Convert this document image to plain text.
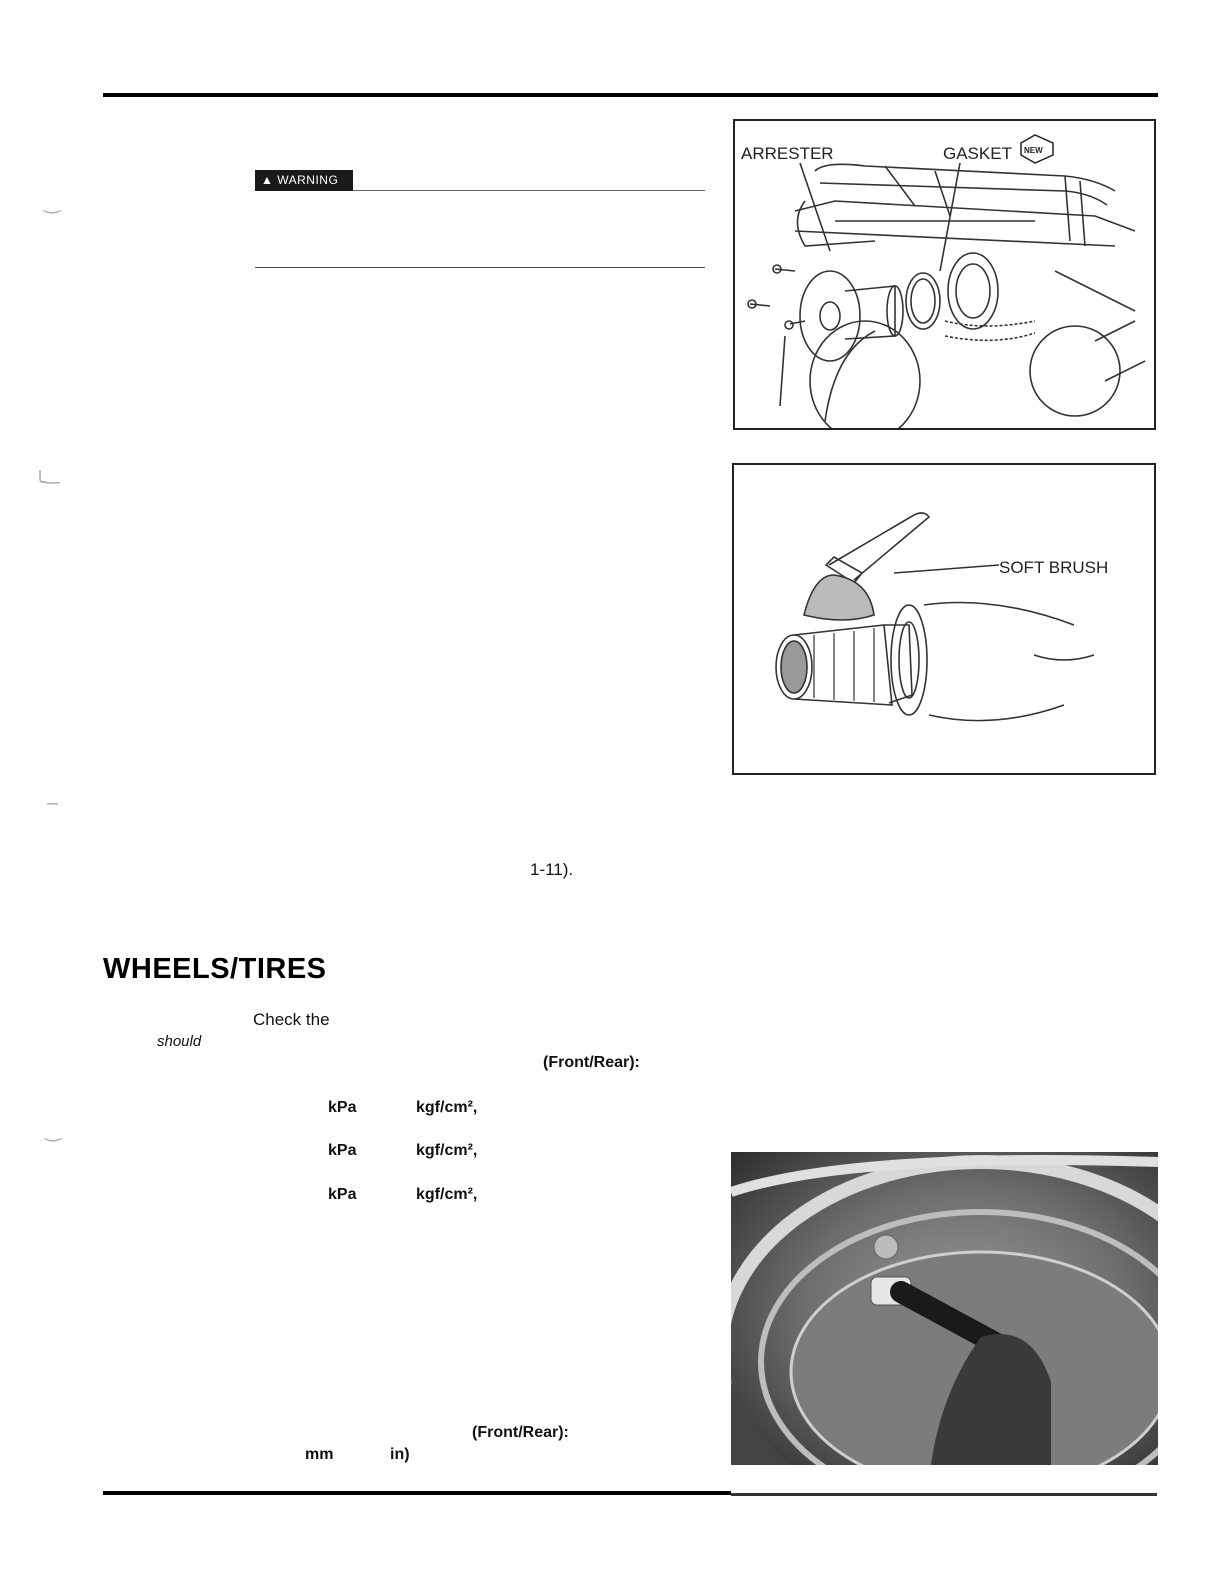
‿
╰─
–
‿
▲ WARNING
ARRESTER	GASKET NEW
SOFT BRUSH
1-11).
WHEELS/TIRES
Check the
should
(Front/Rear):
kPa	kgf/cm²,
kPa	kgf/cm²,
kPa	kgf/cm²,
(Front/Rear):
mm	in)
